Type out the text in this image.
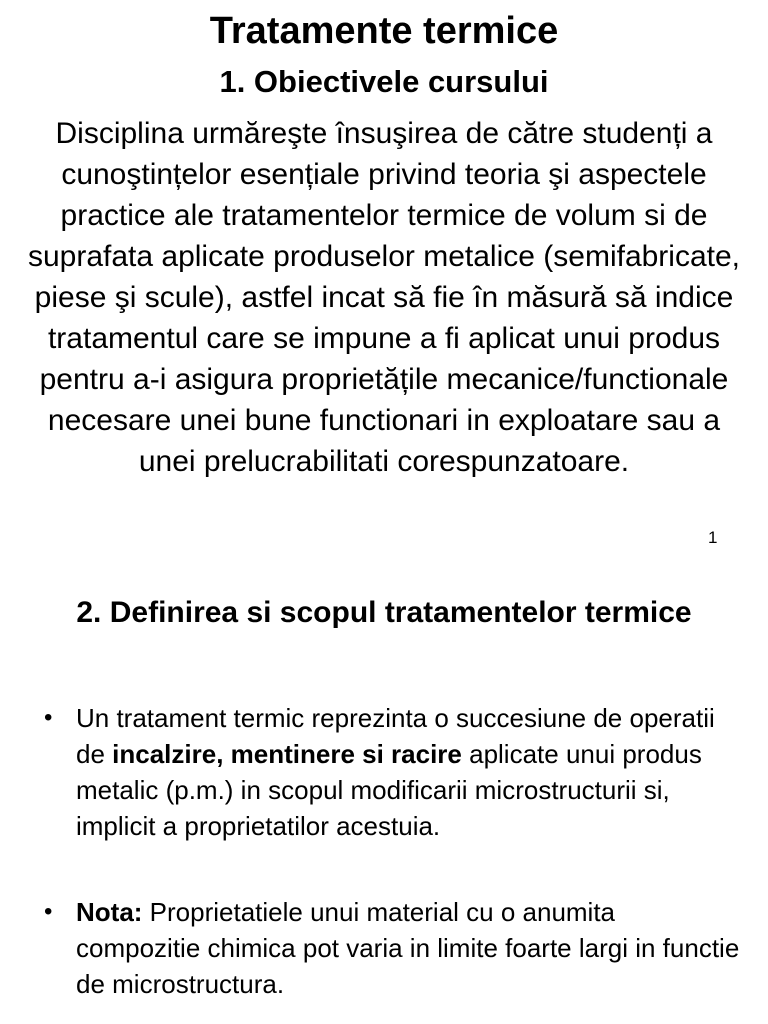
Tratamente termice
1. Obiectivele cursului

Disciplina urmăreşte însuşirea de către studenți a cunoştințelor esențiale privind teoria şi aspectele practice ale tratamentelor termice de volum si de suprafata aplicate produselor metalice (semifabricate, piese şi scule), astfel incat să fie în măsură să indice tratamentul care se impune a fi aplicat unui produs pentru a-i asigura proprietățile mecanice/functionale necesare unei bune functionari in exploatare sau a unei prelucrabilitati corespunzatoare.

1
2. Definirea si scopul tratamentelor termice
• Un tratament termic reprezinta o succesiune de operatii de incalzire, mentinere si racire aplicate unui produs metalic (p.m.) in scopul modificarii microstructurii si, implicit a proprietatilor acestuia.
• Nota: Proprietatiele unui material cu o anumita compozitie chimica pot varia in limite foarte largi in functie de microstructura.
